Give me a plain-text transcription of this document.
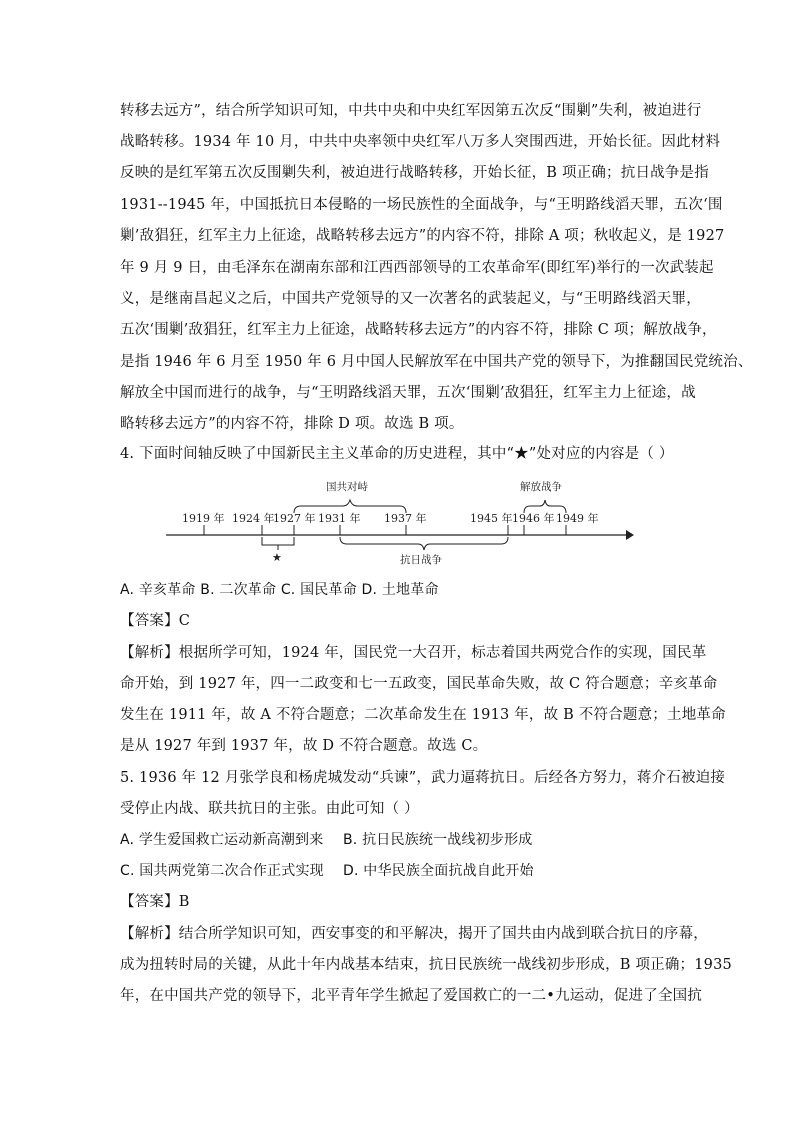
转移去远方”，结合所学知识可知，中共中央和中央红军因第五次反“围剿”失利，被迫进行
战略转移。1934 年 10 月，中共中央率领中央红军八万多人突围西进，开始长征。因此材料
反映的是红军第五次反围剿失利，被迫进行战略转移，开始长征，B 项正确；抗日战争是指
1931--1945 年，中国抵抗日本侵略的一场民族性的全面战争，与“王明路线滔天罪，五次‘围
剿’敌猖狂，红军主力上征途，战略转移去远方”的内容不符，排除 A 项；秋收起义，是 1927
年 9 月 9 日，由毛泽东在湖南东部和江西西部领导的工农革命军(即红军)举行的一次武装起
义，是继南昌起义之后，中国共产党领导的又一次著名的武装起义，与“王明路线滔天罪，
五次‘围剿’敌猖狂，红军主力上征途，战略转移去远方”的内容不符，排除 C 项；解放战争，
是指 1946 年 6 月至 1950 年 6 月中国人民解放军在中国共产党的领导下，为推翻国民党统治、
解放全中国而进行的战争，与“王明路线滔天罪，五次‘围剿’敌猖狂，红军主力上征途，战
略转移去远方”的内容不符，排除 D 项。故选 B 项。
4. 下面时间轴反映了中国新民主主义革命的历史进程，其中“★”处对应的内容是（ ）
1919 年 1924 年
1927 年 1931 年 1937 年	1945 年 1946 年 1949 年
国共对峙	解放战争
抗日战争
★
A. 辛亥革命 B. 二次革命 C. 国民革命 D. 土地革命
【答案】C
【解析】根据所学可知，1924 年，国民党一大召开，标志着国共两党合作的实现，国民革
命开始，到 1927 年，四一二政变和七一五政变，国民革命失败，故 C 符合题意；辛亥革命
发生在 1911 年，故 A 不符合题意；二次革命发生在 1913 年，故 B 不符合题意；土地革命
是从 1927 年到 1937 年，故 D 不符合题意。故选 C。
5. 1936 年 12 月张学良和杨虎城发动“兵谏”，武力逼蒋抗日。后经各方努力，蒋介石被迫接
受停止内战、联共抗日的主张。由此可知（ ）
A. 学生爱国救亡运动新高潮到来 B. 抗日民族统一战线初步形成
C. 国共两党第二次合作正式实现	D. 中华民族全面抗战自此开始
【答案】B
【解析】结合所学知识可知，西安事变的和平解决，揭开了国共由内战到联合抗日的序幕，
成为扭转时局的关键，从此十年内战基本结束，抗日民族统一战线初步形成，B 项正确；1935
年，在中国共产党的领导下，北平青年学生掀起了爱国救亡的一二•九运动，促进了全国抗
